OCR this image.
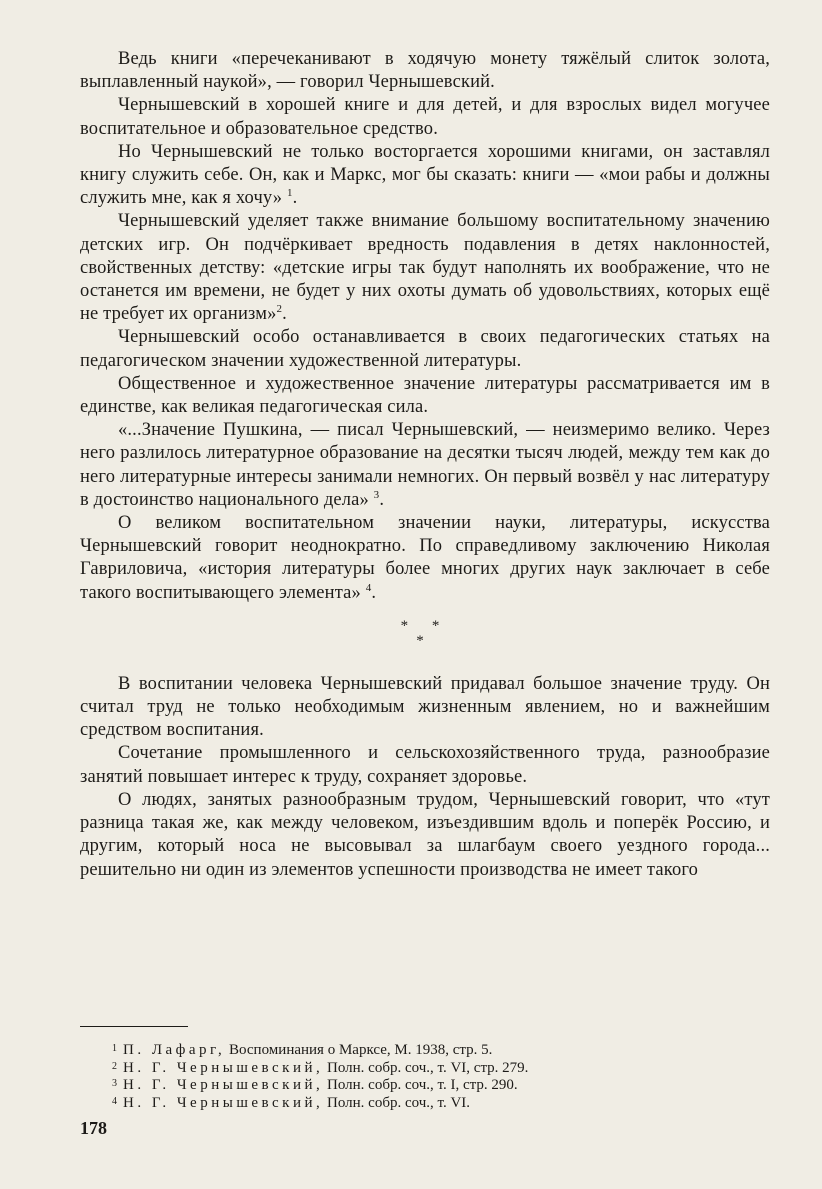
Ведь книги «перечеканивают в ходячую монету тяжёлый слиток золота, выплавленный наукой», — говорил Чернышевский.

Чернышевский в хорошей книге и для детей, и для взрослых видел могучее воспитательное и образовательное средство.

Но Чернышевский не только восторгается хорошими книгами, он заставлял книгу служить себе. Он, как и Маркс, мог бы сказать: книги — «мои рабы и должны служить мне, как я хочу» $^1$.

Чернышевский уделяет также внимание большому воспитательному значению детских игр. Он подчёркивает вредность подавления в детях наклонностей, свойственных детству: «детские игры так будут наполнять их воображение, что не останется им времени, не будет у них охоты думать об удовольствиях, которых ещё не требует их организм»$^2$.

Чернышевский особо останавливается в своих педагогических статьях на педагогическом значении художественной литературы.

Общественное и художественное значение литературы рассматривается им в единстве, как великая педагогическая сила.

«...Значение Пушкина, — писал Чернышевский, — неизмеримо велико. Через него разлилось литературное образование на десятки тысяч людей, между тем как до него литературные интересы занимали немногих. Он первый возвёл у нас литературу в достоинство национального дела» $^3$.

О великом воспитательном значении науки, литературы, искусства Чернышевский говорит неоднократно. По справедливому заключению Николая Гавриловича, «история литературы более многих других наук заключает в себе такого воспитывающего элемента» $^4$.

* *
*

В воспитании человека Чернышевский придавал большое значение труду. Он считал труд не только необходимым жизненным явлением, но и важнейшим средством воспитания.

Сочетание промышленного и сельскохозяйственного труда, разнообразие занятий повышает интерес к труду, сохраняет здоровье.

О людях, занятых разнообразным трудом, Чернышевский говорит, что «тут разница такая же, как между человеком, изъездившим вдоль и поперёк Россию, и другим, который носа не высовывал за шлагбаум своего уездного города... решительно ни один из элементов успешности производства не имеет такого

$^1$ П. Лафарг, Воспоминания о Марксе, М. 1938, стр. 5.
$^2$ Н. Г. Чернышевский, Полн. собр. соч., т. VI, стр. 279.
$^3$ Н. Г. Чернышевский, Полн. собр. соч., т. I, стр. 290.
$^4$ Н. Г. Чернышевский, Полн. собр. соч., т. VI.
178
